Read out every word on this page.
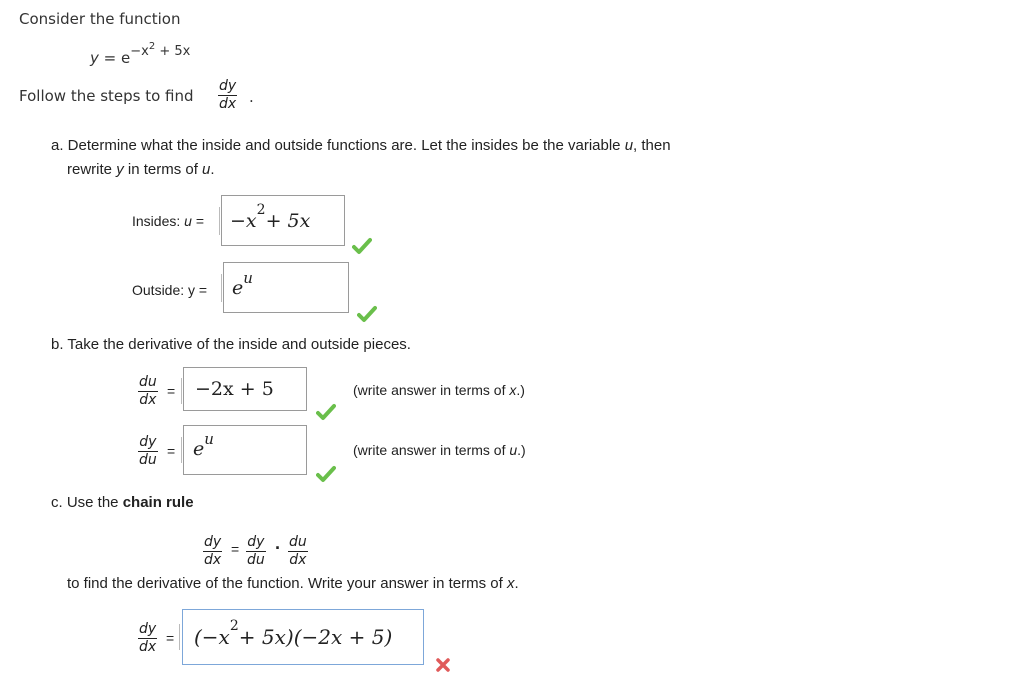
Consider the function
y = e
$-x^2 + 5x$
Follow the steps to find $\frac{dy}{dx}$ .
a. Determine what the inside and outside functions are. Let the insides be the variable u, then
rewrite y in terms of u.
Insides: u = −x 2 + 5x
Outside: y = e u
b. Take the derivative of the inside and outside pieces.
$\frac{du}{dx} = -2x + 5$	(write answer in terms of x.)
$\frac{dy}{du} = e$ u
(write answer in terms of u.)
c. Use the chain rule
$\frac{dy}{dx} = \frac{dy}{du} \cdot \frac{du}{dx}$
to find the derivative of the function. Write your answer in terms of x.
$\frac{dy}{dx} = (-x$ 2 + 5x)(−2x + 5)
